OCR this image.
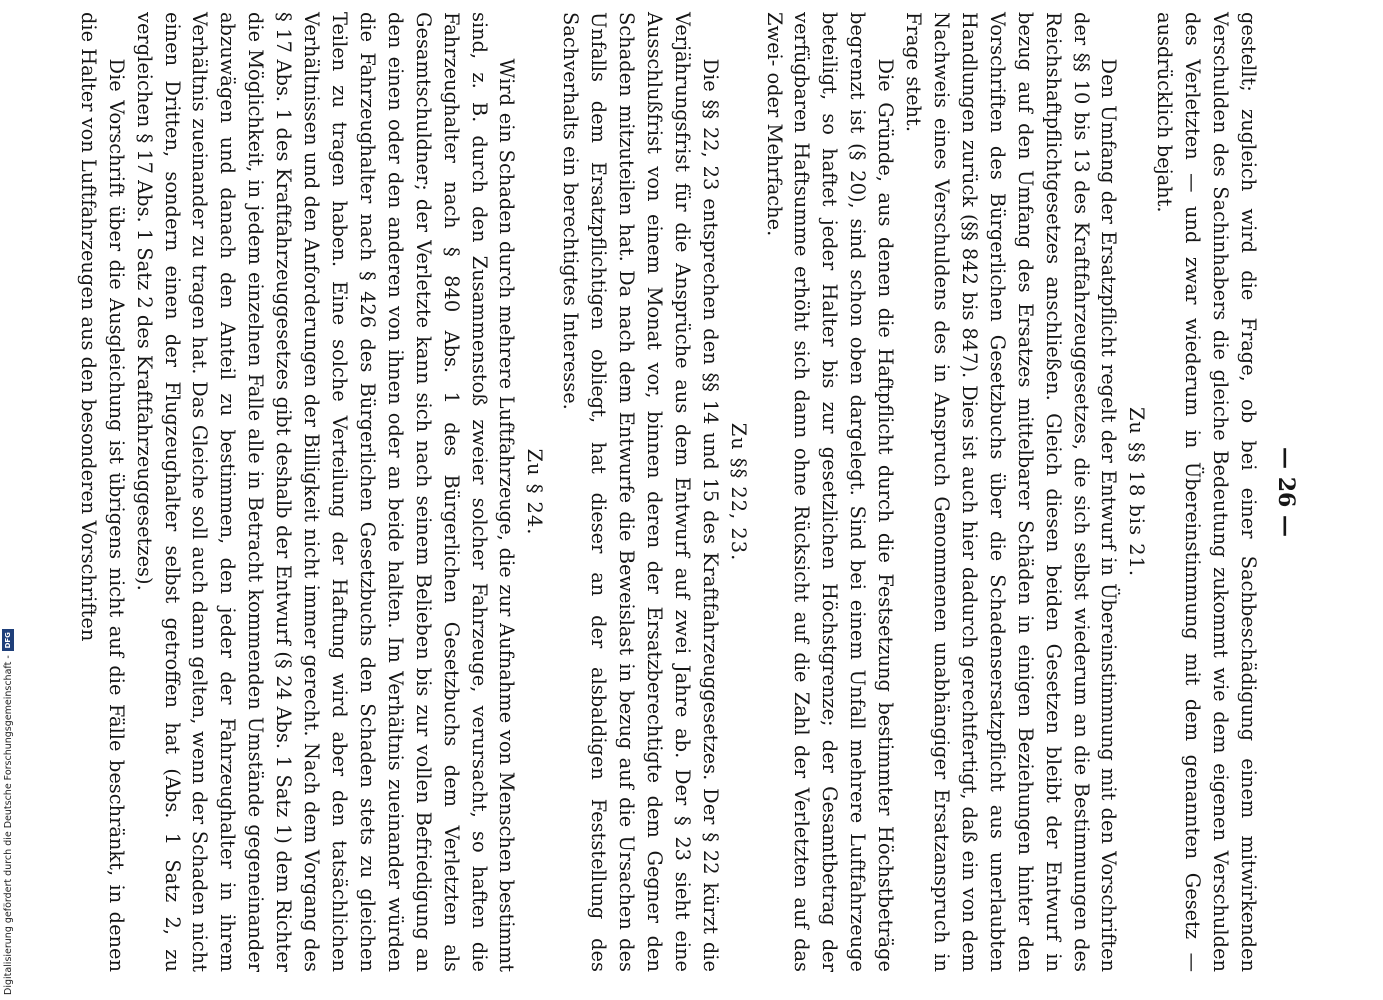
Digitalisierung gefördert durch die Deutsche Forschungsgemeinschaft -
DFG
— 26 —

gestellt; zugleich wird die Frage, ob bei einer Sachbeschädigung einem mitwirkenden Verschulden des Sachinhabers die gleiche Bedeutung zukommt wie dem eigenen Verschulden des Verletzten — und zwar wiederum in Übereinstimmung mit dem genannten Gesetz — ausdrücklich bejaht.

Zu §§ 18 bis 21.

Den Umfang der Ersatzpflicht regelt der Entwurf in Übereinstimmung mit den Vorschriften der §§ 10 bis 13 des Kraftfahrzeuggesetzes, die sich selbst wiederum an die Bestimmungen des Reichshaftpflichtgesetzes anschließen. Gleich diesen beiden Gesetzen bleibt der Entwurf in bezug auf den Umfang des Ersatzes mittelbarer Schäden in einigen Beziehungen hinter den Vorschriften des Bürgerlichen Gesetzbuchs über die Schadensersatzpflicht aus unerlaubten Handlungen zurück (§§ 842 bis 847). Dies ist auch hier dadurch gerechtfertigt, daß ein von dem Nachweis eines Verschuldens des in Anspruch Genommenen unabhängiger Ersatzanspruch in Frage steht.

Die Gründe, aus denen die Haftpflicht durch die Festsetzung bestimmter Höchstbeträge begrenzt ist (§ 20), sind schon oben dargelegt. Sind bei einem Unfall mehrere Luftfahrzeuge beteiligt, so haftet jeder Halter bis zur gesetzlichen Höchstgrenze; der Gesamtbetrag der verfügbaren Haftsumme erhöht sich dann ohne Rücksicht auf die Zahl der Verletzten auf das Zwei- oder Mehrfache.

Zu §§ 22, 23.

Die §§ 22, 23 entsprechen den §§ 14 und 15 des Kraftfahrzeuggesetzes. Der § 22 kürzt die Verjährungsfrist für die Ansprüche aus dem Entwurf auf zwei Jahre ab. Der § 23 sieht eine Ausschlußfrist von einem Monat vor, binnen deren der Ersatzberechtigte dem Gegner den Schaden mitzuteilen hat. Da nach dem Entwurfe die Beweislast in bezug auf die Ursachen des Unfalls dem Ersatzpflichtigen obliegt, hat dieser an der alsbaldigen Feststellung des Sachverhalts ein berechtigtes Interesse.

Zu § 24.

Wird ein Schaden durch mehrere Luftfahrzeuge, die zur Aufnahme von Menschen bestimmt sind, z. B. durch den Zusammenstoß zweier solcher Fahrzeuge, verursacht, so haften die Fahrzeughalter nach § 840 Abs. 1 des Bürgerlichen Gesetzbuchs dem Verletzten als Gesamtschuldner; der Verletzte kann sich nach seinem Belieben bis zur vollen Befriedigung an den einen oder den anderen von ihnen oder an beide halten. Im Verhältnis zueinander würden die Fahrzeughalter nach § 426 des Bürgerlichen Gesetzbuchs den Schaden stets zu gleichen Teilen zu tragen haben. Eine solche Verteilung der Haftung wird aber den tatsächlichen Verhältnissen und den Anforderungen der Billigkeit nicht immer gerecht. Nach dem Vorgang des § 17 Abs. 1 des Kraftfahrzeuggesetzes gibt deshalb der Entwurf (§ 24 Abs. 1 Satz 1) dem Richter die Möglichkeit, in jedem einzelnen Falle alle in Betracht kommenden Umstände gegeneinander abzuwägen und danach den Anteil zu bestimmen, den jeder der Fahrzeughalter in ihrem Verhältnis zueinander zu tragen hat. Das Gleiche soll auch dann gelten, wenn der Schaden nicht einen Dritten, sondern einen der Flugzeughalter selbst getroffen hat (Abs. 1 Satz 2, zu vergleichen § 17 Abs. 1 Satz 2 des Kraftfahrzeuggesetzes).

Die Vorschrift über die Ausgleichung ist übrigens nicht auf die Fälle beschränkt, in denen die Halter von Luftfahrzeugen aus den besonderen Vorschriften
